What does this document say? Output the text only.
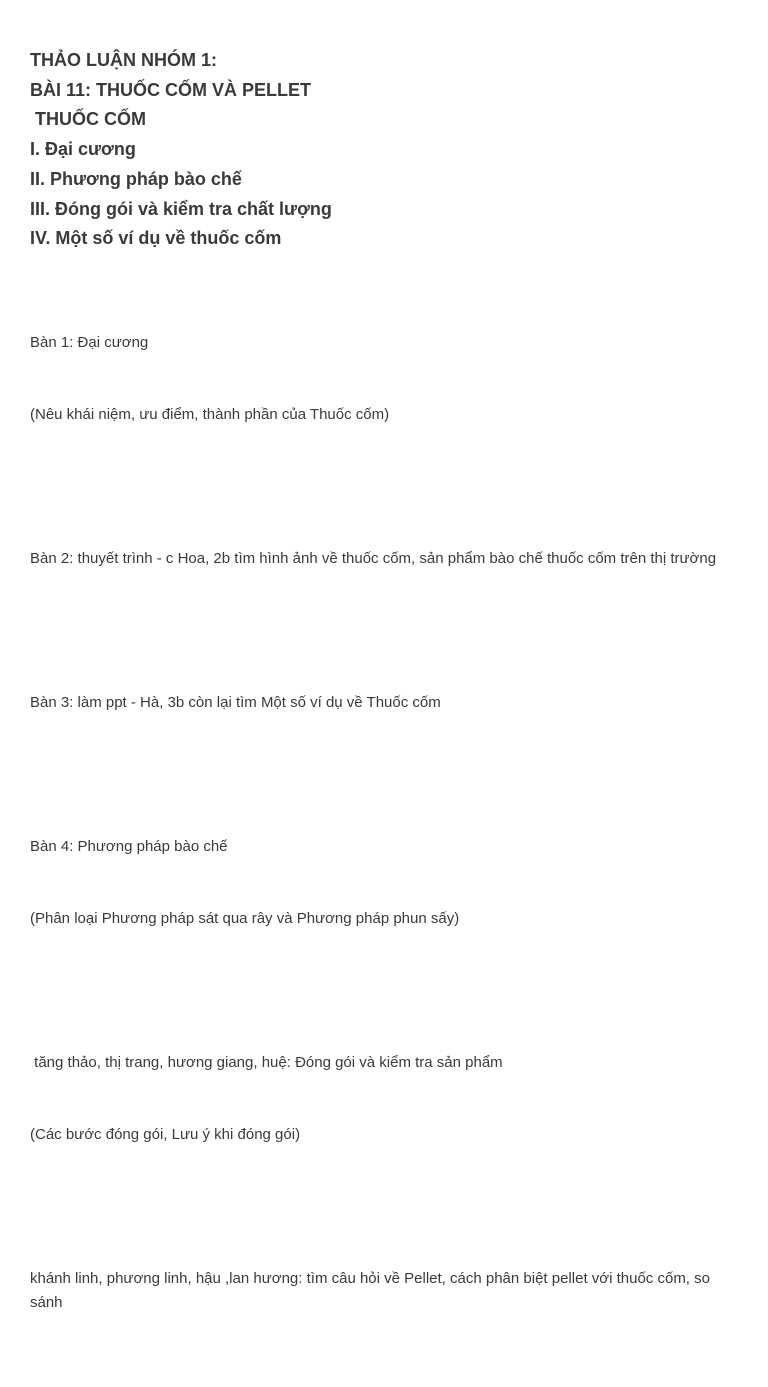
THẢO LUẬN NHÓM 1:
BÀI 11: THUỐC CỐM VÀ PELLET
THUỐC CỐM
I. Đại cương
II. Phương pháp bào chế
III. Đóng gói và kiểm tra chất lượng
IV. Một số ví dụ về thuốc cốm

Bàn 1: Đại cương

(Nêu khái niệm, ưu điểm, thành phần của Thuốc cốm)

Bàn 2: thuyết trình - c Hoa, 2b tìm hình ảnh về thuốc cốm, sản phẩm bào chế thuốc cốm trên thị trường

Bàn 3: làm ppt - Hà, 3b còn lại tìm Một số ví dụ về Thuốc cốm

Bàn 4: Phương pháp bào chế

(Phân loại Phương pháp sát qua rây và Phương pháp phun sấy)

tăng thảo, thị trang, hương giang, huệ: Đóng gói và kiểm tra sản phẩm

(Các bước đóng gói, Lưu ý khi đóng gói)

khánh linh, phương linh, hậu ,lan hương: tìm câu hỏi về Pellet, cách phân biệt pellet với thuốc cốm, so sánh
